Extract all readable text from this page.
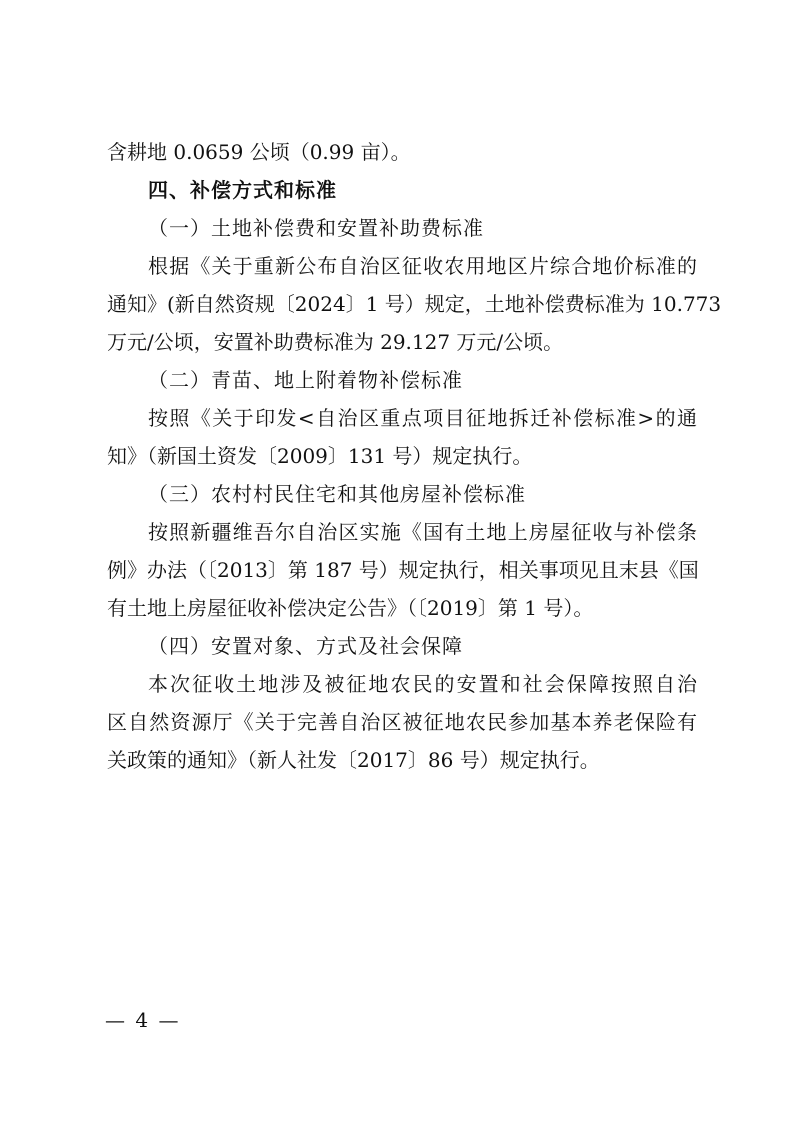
含耕地 0.0659 公顷（0.99 亩）。
四、补偿方式和标准
（一）土地补偿费和安置补助费标准
根据《关于重新公布自治区征收农用地区片综合地价标准的
通知》(新自然资规〔2024〕1 号）规定，土地补偿费标准为 10.773
万元/公顷，安置补助费标准为 29.127 万元/公顷。
（二）青苗、地上附着物补偿标准
按照《关于印发<自治区重点项目征地拆迁补偿标准>的通
知》（新国土资发〔2009〕131 号）规定执行。
（三）农村村民住宅和其他房屋补偿标准
按照新疆维吾尔自治区实施《国有土地上房屋征收与补偿条
例》办法（〔2013〕第 187 号）规定执行，相关事项见且末县《国
有土地上房屋征收补偿决定公告》（〔2019〕第 1 号）。
（四）安置对象、方式及社会保障
本次征收土地涉及被征地农民的安置和社会保障按照自治
区自然资源厅《关于完善自治区被征地农民参加基本养老保险有
关政策的通知》（新人社发〔2017〕86 号）规定执行。
— 4 —
